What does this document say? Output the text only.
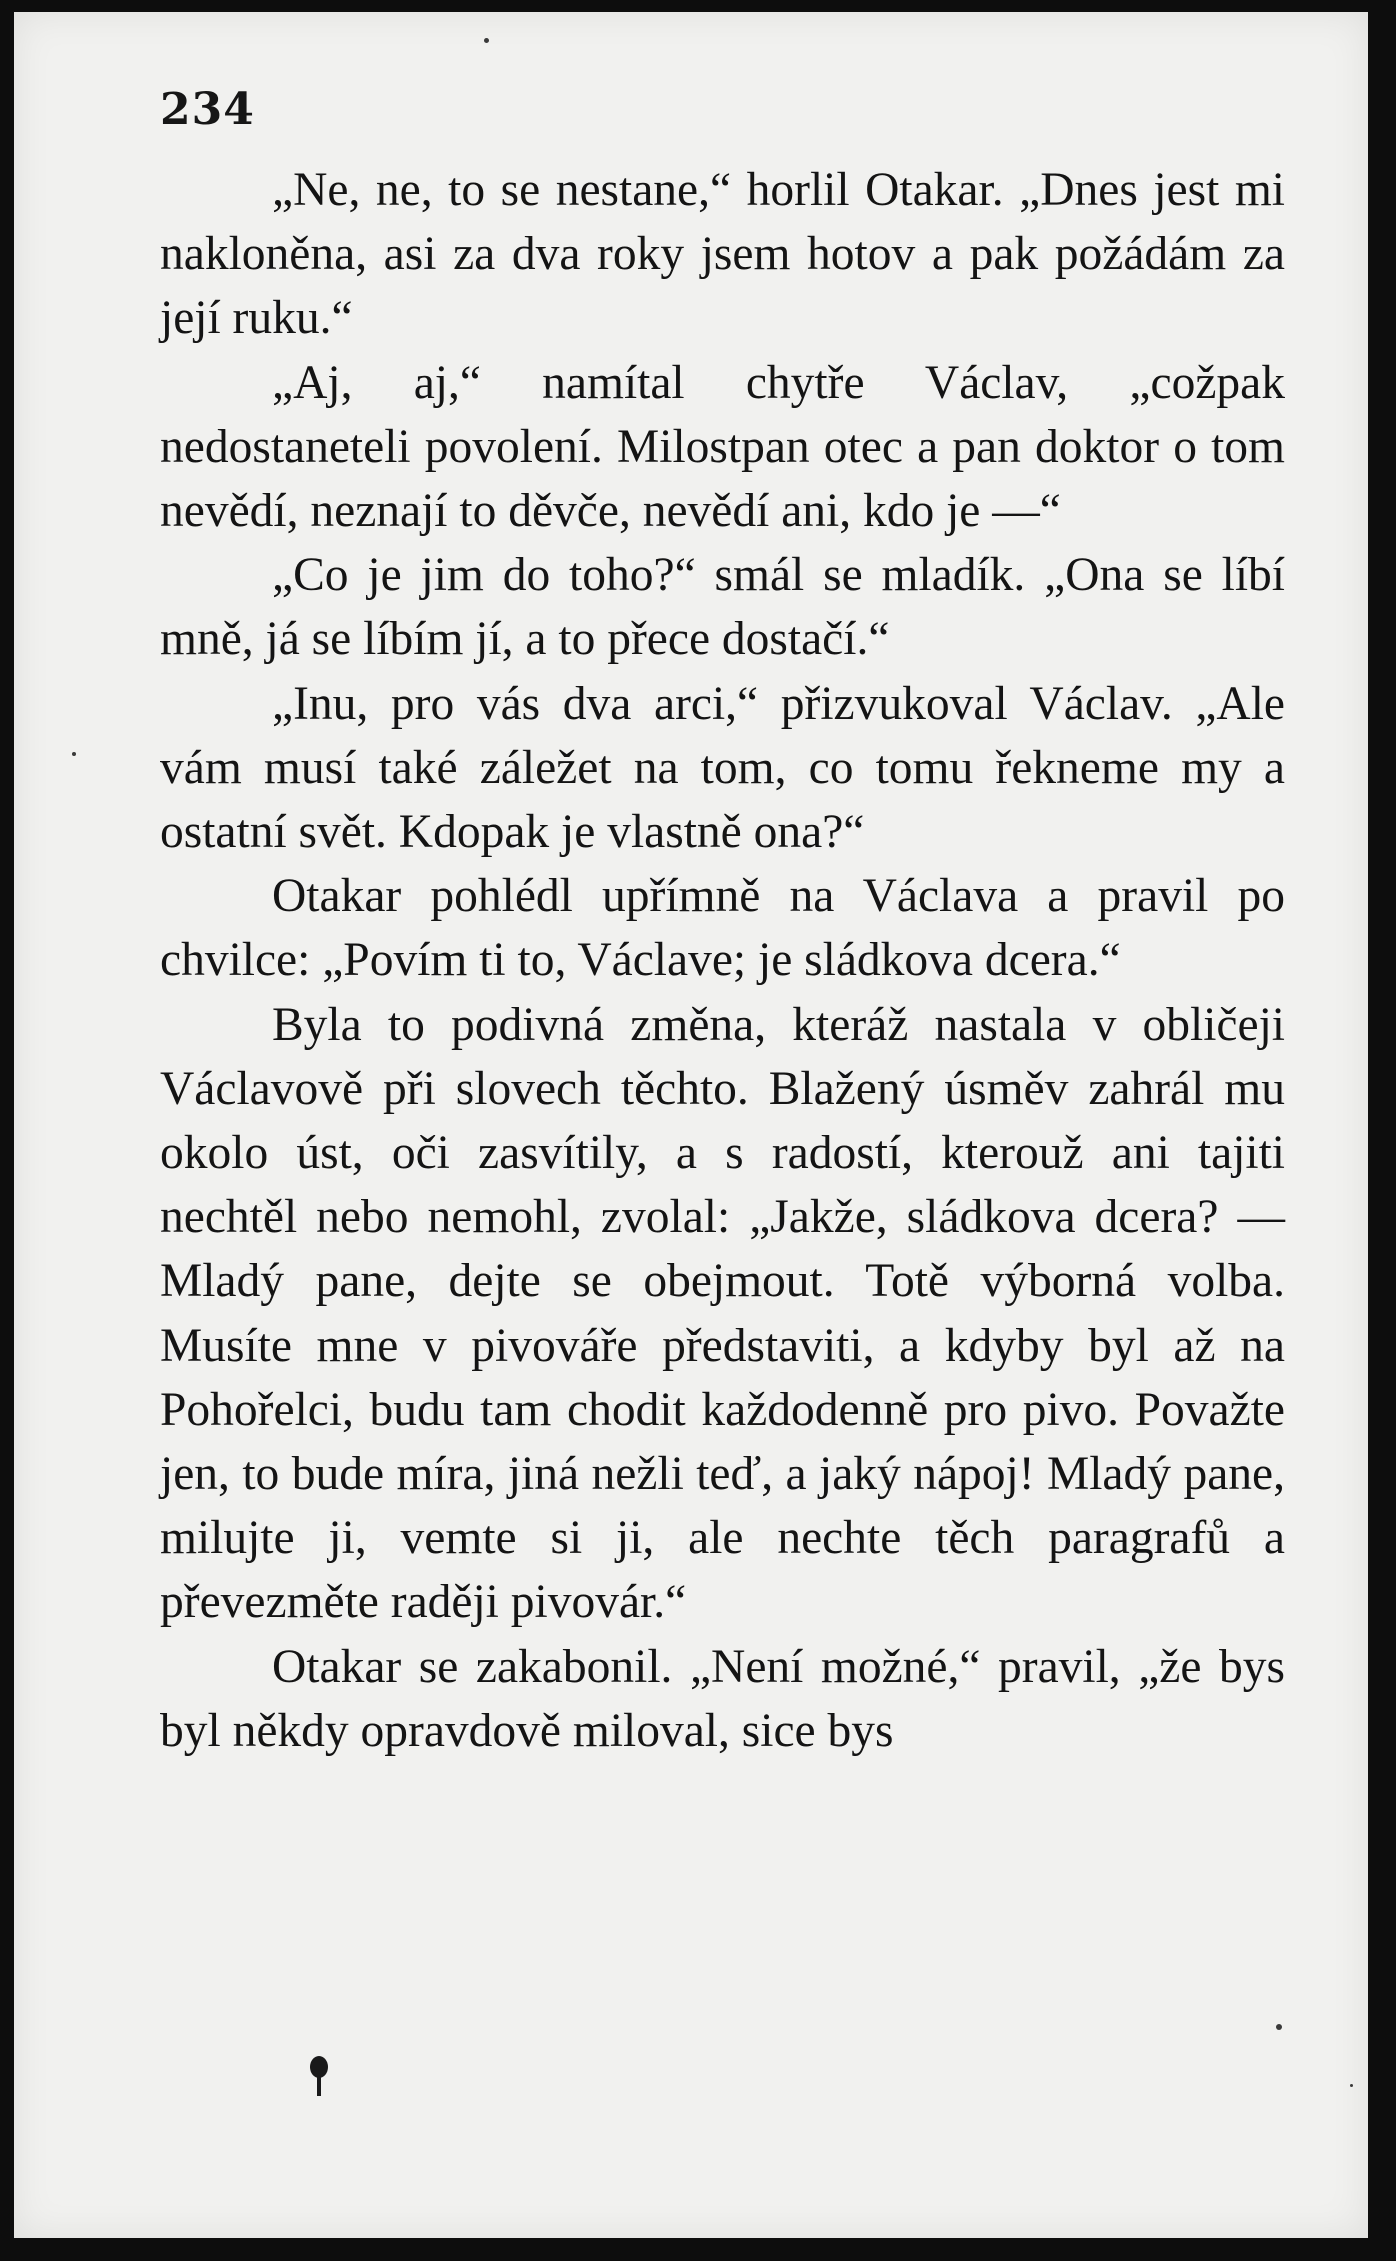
234

„Ne, ne, to se nestane,“ horlil Otakar. „Dnes jest mi nakloněna, asi za dva roky jsem hotov a pak požádám za její ruku.“

„Aj, aj,“ namítal chytře Václav, „cožpak nedostaneteli povolení. Milostpan otec a pan doktor o tom nevědí, neznají to děvče, nevědí ani, kdo je —“

„Co je jim do toho?“ smál se mladík. „Ona se líbí mně, já se líbím jí, a to přece dostačí.“

„Inu, pro vás dva arci,“ přizvukoval Václav. „Ale vám musí také záležet na tom, co tomu řekneme my a ostatní svět. Kdopak je vlastně ona?“

Otakar pohlédl upřímně na Václava a pravil po chvilce: „Povím ti to, Václave; je sládkova dcera.“

Byla to podivná změna, kteráž nastala v obličeji Václavově při slovech těchto. Blažený úsměv zahrál mu okolo úst, oči zasvítily, a s radostí, kterouž ani tajiti nechtěl nebo nemohl, zvolal: „Jakže, sládkova dcera? — Mladý pane, dejte se obejmout. Totě výborná volba. Musíte mne v pivováře představiti, a kdyby byl až na Pohořelci, budu tam chodit každodenně pro pivo. Považte jen, to bude míra, jiná nežli teď, a jaký nápoj! Mladý pane, milujte ji, vemte si ji, ale nechte těch paragrafů a převezměte raději pivovár.“

Otakar se zakabonil. „Není možné,“ pravil, „že bys byl někdy opravdově miloval, sice bys
